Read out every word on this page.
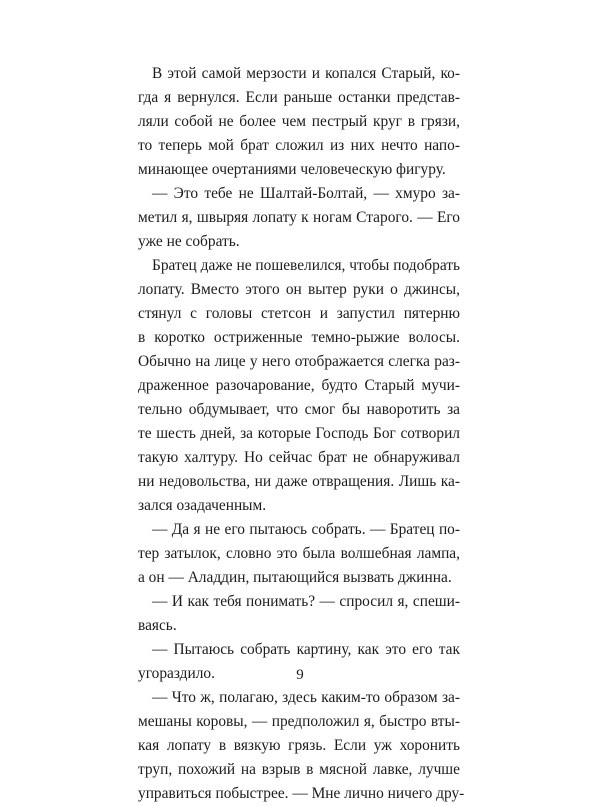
В этой самой мерзости и копался Старый, ко-
гда я вернулся. Если раньше останки представ-
ляли собой не более чем пестрый круг в грязи,
то теперь мой брат сложил из них нечто напо-
минающее очертаниями человеческую фигуру.
— Это тебе не Шалтай-Болтай, — хмуро за-
метил я, швыряя лопату к ногам Старого. — Его
уже не собрать.
Братец даже не пошевелился, чтобы подобрать
лопату. Вместо этого он вытер руки о джинсы,
стянул с головы стетсон и запустил пятерню
в коротко остриженные темно-рыжие волосы.
Обычно на лице у него отображается слегка раз-
драженное разочарование, будто Старый мучи-
тельно обдумывает, что смог бы наворотить за
те шесть дней, за которые Господь Бог сотворил
такую халтуру. Но сейчас брат не обнаруживал
ни недовольства, ни даже отвращения. Лишь ка-
зался озадаченным.
— Да я не его пытаюсь собрать. — Братец по-
тер затылок, словно это была волшебная лампа,
а он — Аладдин, пытающийся вызвать джинна.
— И как тебя понимать? — спросил я, спеши-
ваясь.
— Пытаюсь собрать картину, как это его так
угораздило.
— Что ж, полагаю, здесь каким-то образом за-
мешаны коровы, — предположил я, быстро вты-
кая лопату в вязкую грязь. Если уж хоронить
труп, похожий на взрыв в мясной лавке, лучше
управиться побыстрее. — Мне лично ничего дру-
9
